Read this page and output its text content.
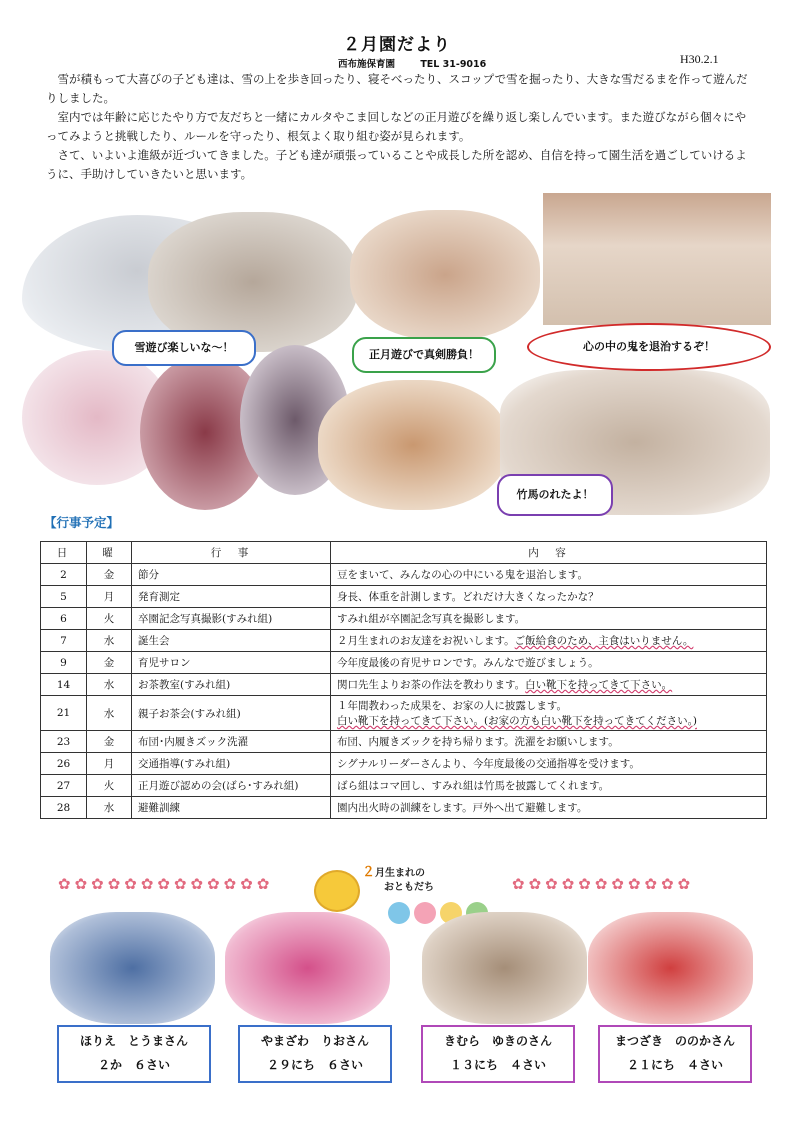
２月園だより
H30.2.1
西布施保育園	TEL 31-9016

雪が積もって大喜びの子ども達は、雪の上を歩き回ったり、寝そべったり、スコップで雪を掘ったり、大きな雪だるまを作って遊んだりしました。

室内では年齢に応じたやり方で友だちと一緒にカルタやこま回しなどの正月遊びを繰り返し楽しんでいます。また遊びながら個々にやってみようと挑戦したり、ルールを守ったり、根気よく取り組む姿が見られます。

さて、いよいよ進級が近づいてきました。子ども達が頑張っていることや成長した所を認め、自信を持って園生活を過ごしていけるように、手助けしていきたいと思います。

雪遊び楽しいな～！
正月遊びで真剣勝負！
心の中の鬼を退治するぞ！
竹馬のれたよ！
【行事予定】
日	曜	行　事	内　容
2	金	節分	豆をまいて、みんなの心の中にいる鬼を退治します。
5	月	発育測定	身長、体重を計測します。どれだけ大きくなったかな？
6	火	卒園記念写真撮影(すみれ組)	すみれ組が卒園記念写真を撮影します。
7	水	誕生会	２月生まれのお友達をお祝いします。ご飯給食のため、主食はいりません。
9	金	育児サロン	今年度最後の育児サロンです。みんなで遊びましょう。
14	水	お茶教室(すみれ組)	関口先生よりお茶の作法を教わります。白い靴下を持ってきて下さい。
21	水	親子お茶会(すみれ組)	１年間教わった成果を、お家の人に披露します。
白い靴下を持ってきて下さい。(お家の方も白い靴下を持ってきてください。)
23	金	布団･内履きズック洗濯	布団、内履きズックを持ち帰ります。洗濯をお願いします。
26	月	交通指導(すみれ組)	シグナルリーダーさんより、今年度最後の交通指導を受けます。
27	火	正月遊び認めの会(ばら･すみれ組)	ばら組はコマ回し、すみれ組は竹馬を披露してくれます。
28	水	避難訓練	園内出火時の訓練をします。戸外へ出て避難します。
✿✿✿✿✿✿✿✿✿✿✿✿✿	✿✿✿✿✿✿✿✿✿✿✿
２月生まれの
おともだち
ほりえ　とうまさん
２か　６さい
やまざわ　りおさん
２９にち　６さい
きむら　ゆきのさん
１３にち　４さい
まつざき　ののかさん
２１にち　４さい
